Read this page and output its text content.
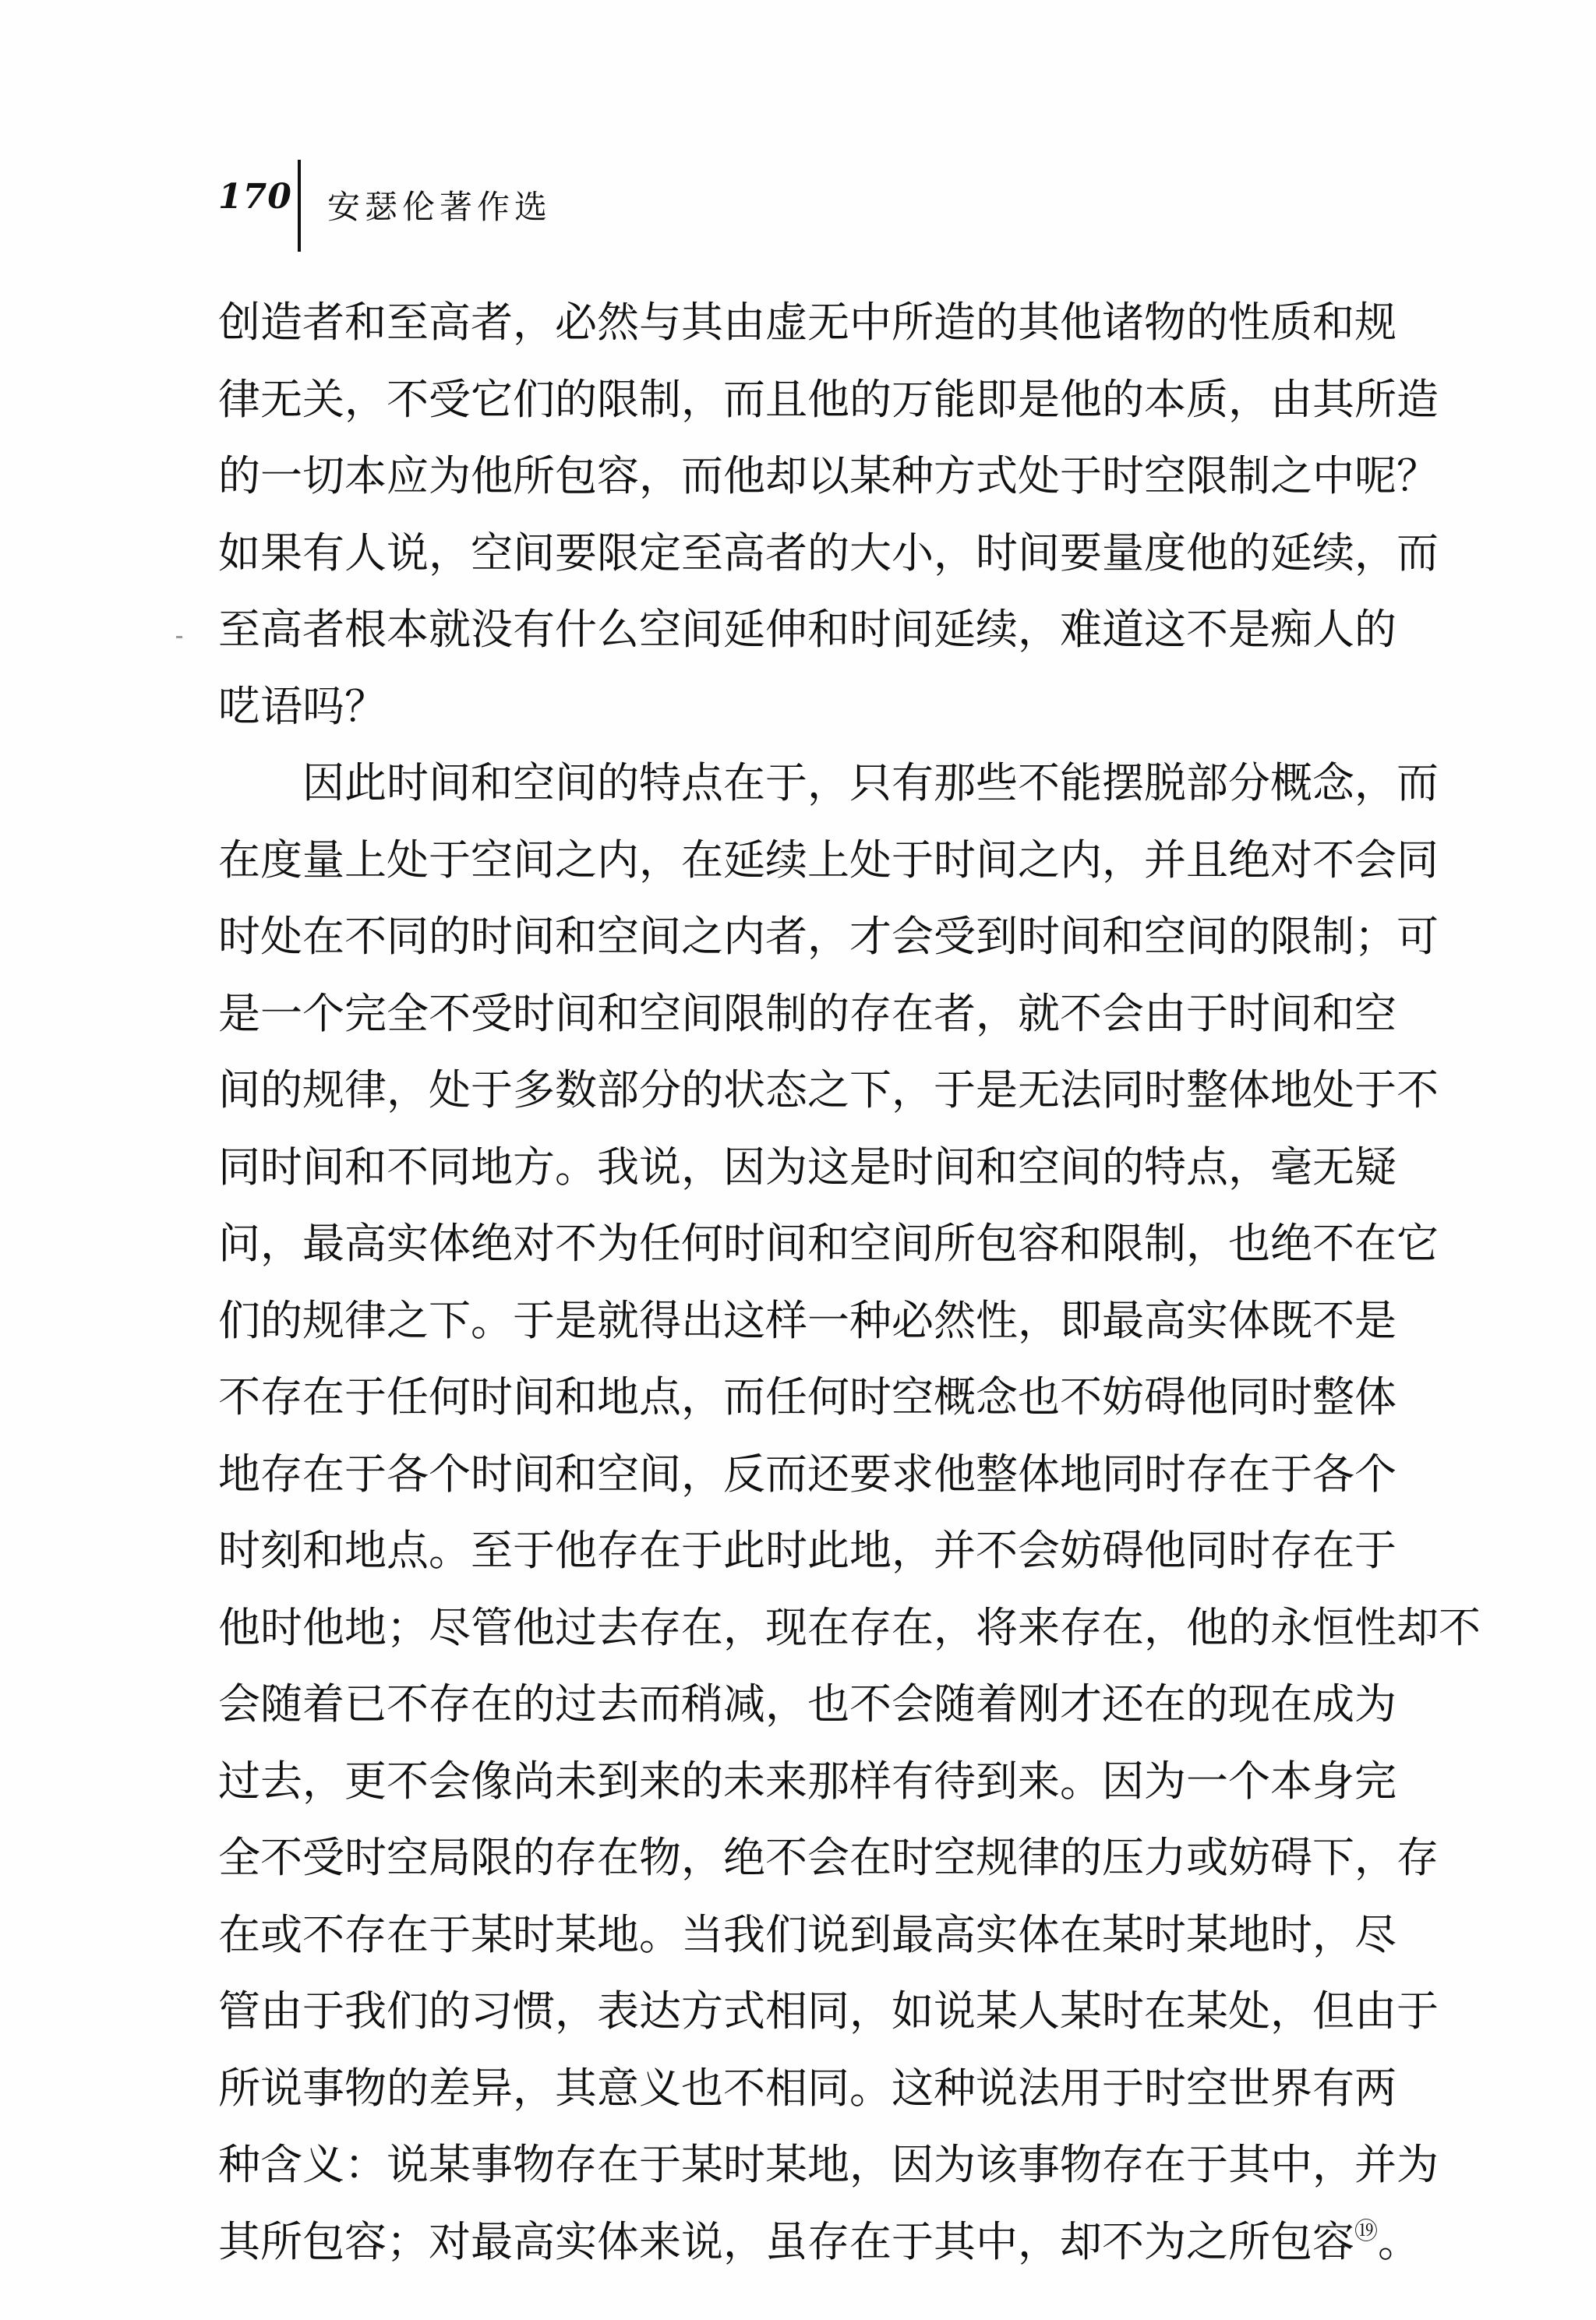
170 安瑟伦著作选
创造者和至高者，必然与其由虚无中所造的其他诸物的性质和规
律无关，不受它们的限制，而且他的万能即是他的本质，由其所造
的一切本应为他所包容，而他却以某种方式处于时空限制之中呢？
如果有人说，空间要限定至高者的大小，时间要量度他的延续，而
至高者根本就没有什么空间延伸和时间延续，难道这不是痴人的
呓语吗？
因此时间和空间的特点在于，只有那些不能摆脱部分概念，而
在度量上处于空间之内，在延续上处于时间之内，并且绝对不会同
时处在不同的时间和空间之内者，才会受到时间和空间的限制；可
是一个完全不受时间和空间限制的存在者，就不会由于时间和空
间的规律，处于多数部分的状态之下，于是无法同时整体地处于不
同时间和不同地方。我说，因为这是时间和空间的特点，毫无疑
问，最高实体绝对不为任何时间和空间所包容和限制，也绝不在它
们的规律之下。于是就得出这样一种必然性，即最高实体既不是
不存在于任何时间和地点，而任何时空概念也不妨碍他同时整体
地存在于各个时间和空间，反而还要求他整体地同时存在于各个
时刻和地点。至于他存在于此时此地，并不会妨碍他同时存在于
他时他地；尽管他过去存在，现在存在，将来存在，他的永恒性却不
会随着已不存在的过去而稍减，也不会随着刚才还在的现在成为
过去，更不会像尚未到来的未来那样有待到来。因为一个本身完
全不受时空局限的存在物，绝不会在时空规律的压力或妨碍下，存
在或不存在于某时某地。当我们说到最高实体在某时某地时，尽
管由于我们的习惯，表达方式相同，如说某人某时在某处，但由于
所说事物的差异，其意义也不相同。这种说法用于时空世界有两
种含义：说某事物存在于某时某地，因为该事物存在于其中，并为
其所包容；对最高实体来说，虽存在于其中，却不为之所包容⑲。
